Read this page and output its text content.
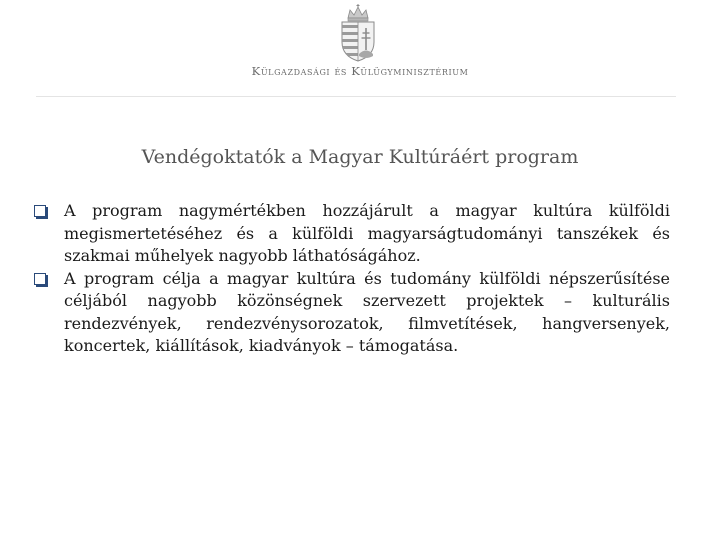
Külgazdasági és Külügyminisztérium
Vendégoktatók a Magyar Kultúráért program
A program nagymértékben hozzájárult a magyar kultúra külföldi megismertetéséhez és a külföldi magyarságtudományi tanszékek és szakmai műhelyek nagyobb láthatóságához.
A program célja a magyar kultúra és tudomány külföldi népszerűsítése céljából nagyobb közönségnek szervezett projektek – kulturális rendezvények, rendezvénysorozatok, filmvetítések, hangversenyek, koncertek, kiállítások, kiadványok – támogatása.
